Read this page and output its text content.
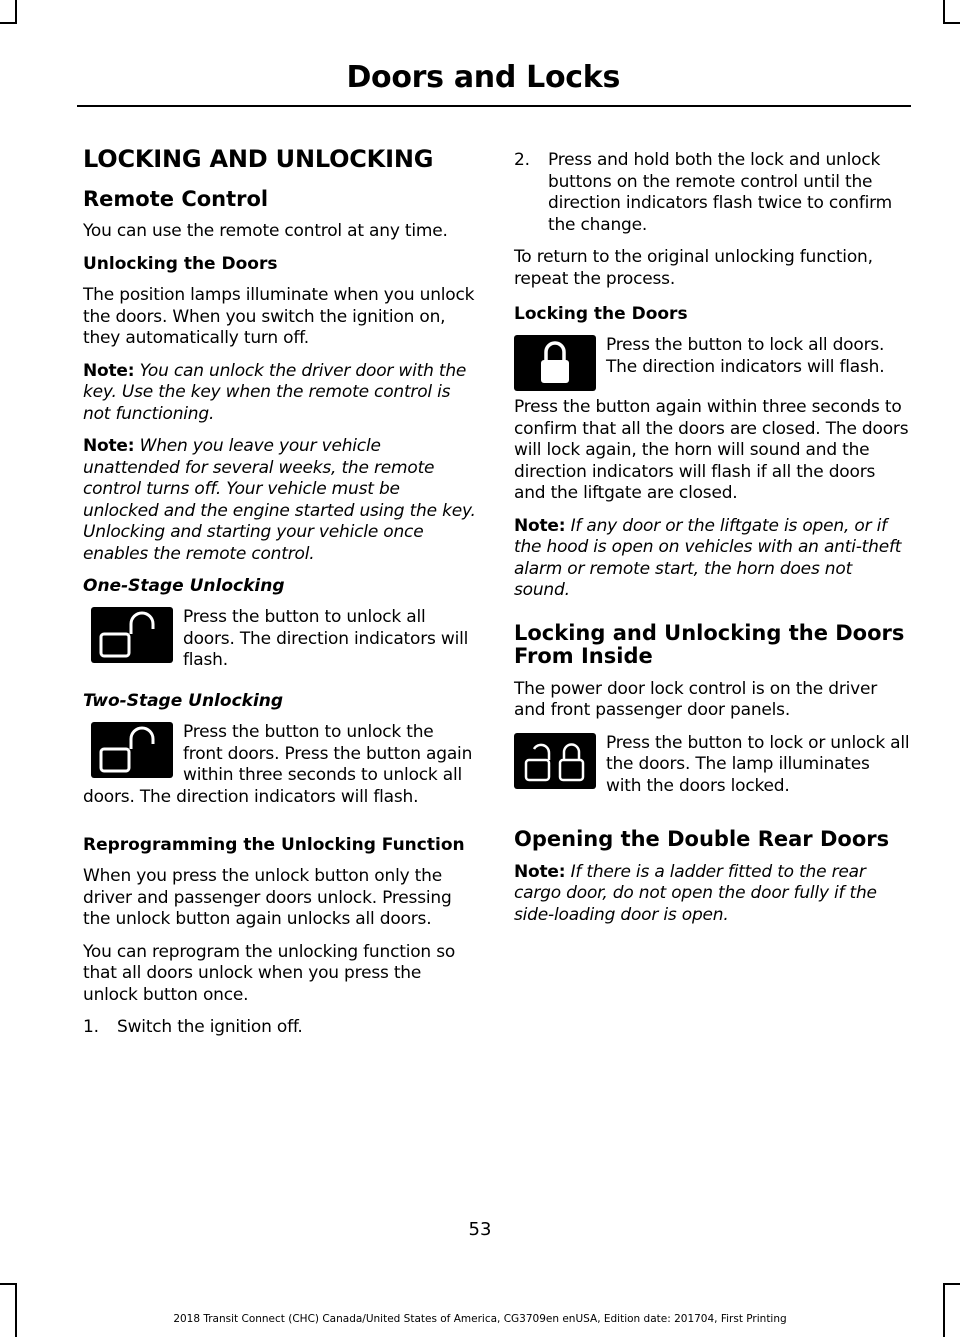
Doors and Locks
LOCKING AND UNLOCKING
Remote Control

You can use the remote control at any time.

Unlocking the Doors

The position lamps illuminate when you unlock the doors. When you switch the ignition on, they automatically turn off.

Note: You can unlock the driver door with the key. Use the key when the remote control is not functioning.

Note: When you leave your vehicle unattended for several weeks, the remote control turns off. Your vehicle must be unlocked and the engine started using the key. Unlocking and starting your vehicle once enables the remote control.

One-Stage Unlocking

Press the button to unlock all doors. The direction indicators will flash.

Two-Stage Unlocking

Press the button to unlock the front doors. Press the button again within three seconds to unlock all doors. The direction indicators will flash.

Reprogramming the Unlocking Function

When you press the unlock button only the driver and passenger doors unlock. Pressing the unlock button again unlocks all doors.

You can reprogram the unlocking function so that all doors unlock when you press the unlock button once.

1.	Switch the ignition off.
2.	Press and hold both the lock and unlock buttons on the remote control until the direction indicators flash twice to confirm the change.

To return to the original unlocking function, repeat the process.

Locking the Doors

Press the button to lock all doors. The direction indicators will flash.

Press the button again within three seconds to confirm that all the doors are closed. The doors will lock again, the horn will sound and the direction indicators will flash if all the doors and the liftgate are closed.

Note: If any door or the liftgate is open, or if the hood is open on vehicles with an anti-theft alarm or remote start, the horn does not sound.

Locking and Unlocking the Doors From Inside

The power door lock control is on the driver and front passenger door panels.

Press the button to lock or unlock all the doors. The lamp illuminates with the doors locked.

Opening the Double Rear Doors

Note: If there is a ladder fitted to the rear cargo door, do not open the door fully if the side-loading door is open.

53
2018 Transit Connect (CHC) Canada/United States of America, CG3709en enUSA, Edition date: 201704, First Printing
